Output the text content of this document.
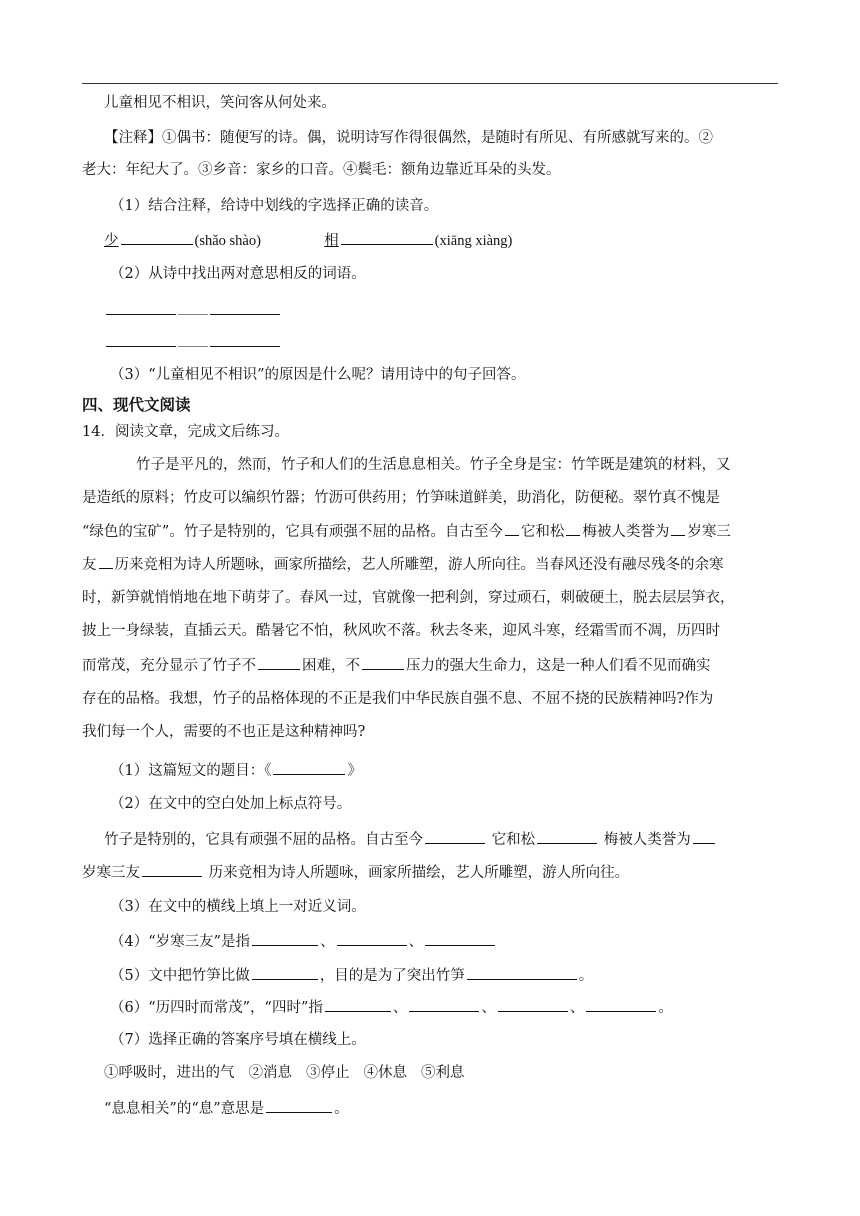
儿童相见不相识，笑问客从何处来。
【注释】①偶书：随便写的诗。偶，说明诗写作得很偶然，是随时有所见、有所感就写来的。②
老大：年纪大了。③乡音：家乡的口音。④鬓毛：额角边靠近耳朵的头发。
（1）结合注释，给诗中划线的字选择正确的读音。
少	(shǎo shào)	相	(xiāng xiàng)
（2）从诗中找出两对意思相反的词语。
（3）“儿童相见不相识”的原因是什么呢？请用诗中的句子回答。
四、现代文阅读
14．阅读文章，完成文后练习。
竹子是平凡的，然而，竹子和人们的生活息息相关。竹子全身是宝：竹竿既是建筑的材料，又
是造纸的原料；竹皮可以编织竹器；竹沥可供药用；竹笋味道鲜美，助消化，防便秘。翠竹真不愧是
“绿色的宝矿”。竹子是特别的，它具有顽强不屈的品格。自古至今 它和松 梅被人类誉为 岁寒三
友 历来竞相为诗人所题咏，画家所描绘，艺人所雕塑，游人所向往。当春风还没有融尽残冬的余寒
时，新笋就悄悄地在地下萌芽了。春风一过，官就像一把利剑，穿过顽石，刺破硬土，脱去层层笋衣，
披上一身绿装，直插云天。酷暑它不怕，秋风吹不落。秋去冬来，迎风斗寒，经霜雪而不凋，历四时
而常茂，充分显示了竹子不	困难，不	压力的强大生命力，这是一种人们看不见而确实
存在的品格。我想，竹子的品格体现的不正是我们中华民族自强不息、不屈不挠的民族精神吗?作为
我们每一个人，需要的不也正是这种精神吗?
（1）这篇短文的题目：《	》
（2）在文中的空白处加上标点符号。
竹子是特别的，它具有顽强不屈的品格。自古至今	它和松	梅被人类誉为
岁寒三友	历来竞相为诗人所题咏，画家所描绘，艺人所雕塑，游人所向往。
（3）在文中的横线上填上一对近义词。
（4）“岁寒三友”是指	、	、
（5）文中把竹笋比做	，目的是为了突出竹笋	。
（6）“历四时而常茂”，“四时”指	、	、	、	。
（7）选择正确的答案序号填在横线上。
①呼吸时，进出的气 ②消息 ③停止 ④休息 ⑤利息
“息息相关”的“息”意思是	。
